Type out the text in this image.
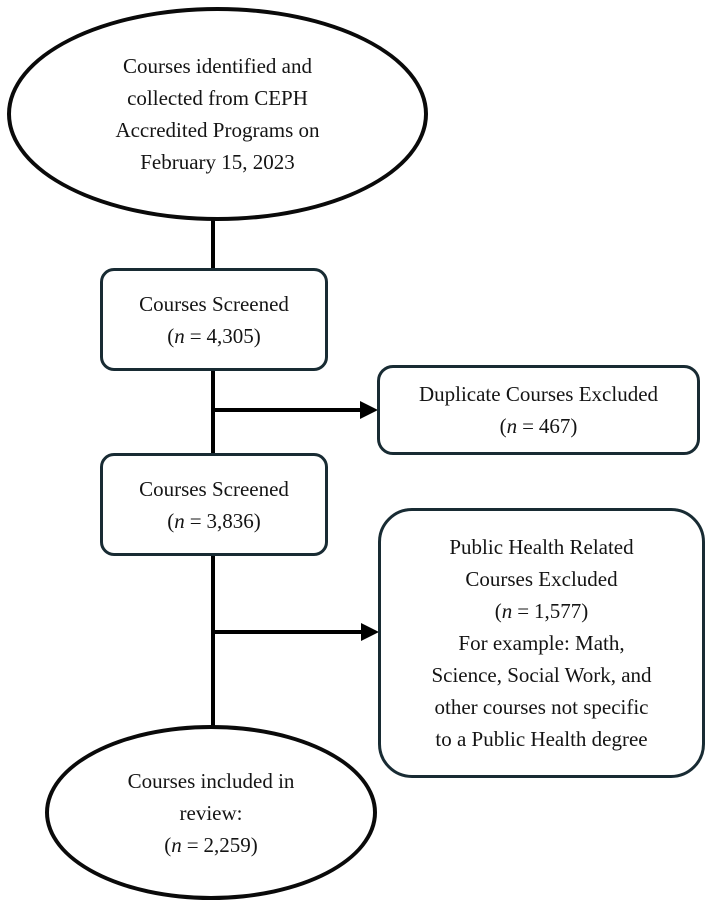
Courses identified and
collected from CEPH
Accredited Programs on
February 15, 2023
Courses Screened
(n = 4,305)
Duplicate Courses Excluded
(n = 467)
Courses Screened
(n = 3,836)
Public Health Related
Courses Excluded
(n = 1,577)
For example: Math,
Science, Social Work, and
other courses not specific
to a Public Health degree
Courses included in
review:
(n = 2,259)
